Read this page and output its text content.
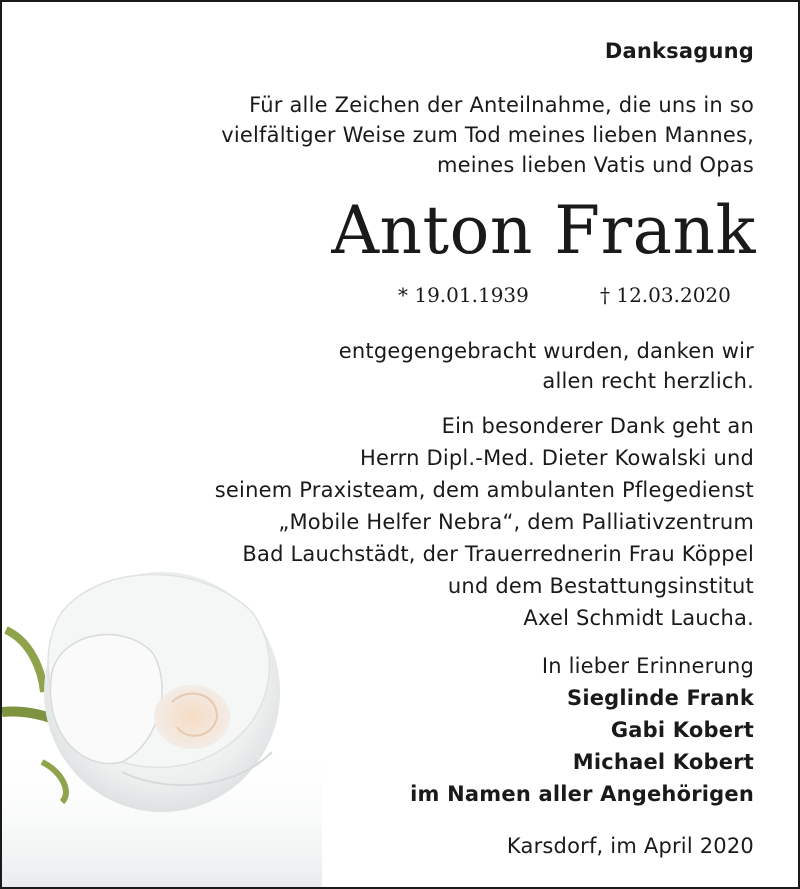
Danksagung
Für alle Zeichen der Anteilnahme, die uns in so
vielfältiger Weise zum Tod meines lieben Mannes,
meines lieben Vatis und Opas
Anton Frank
* 19.01.1939	† 12.03.2020
entgegengebracht wurden, danken wir
allen recht herzlich.
Ein besonderer Dank geht an
Herrn Dipl.-Med. Dieter Kowalski und
seinem Praxisteam, dem ambulanten Pflegedienst
„Mobile Helfer Nebra“, dem Palliativzentrum
Bad Lauchstädt, der Trauerrednerin Frau Köppel
und dem Bestattungsinstitut
Axel Schmidt Laucha.
In lieber Erinnerung
Sieglinde Frank
Gabi Kobert
Michael Kobert
im Namen aller Angehörigen
Karsdorf, im April 2020
